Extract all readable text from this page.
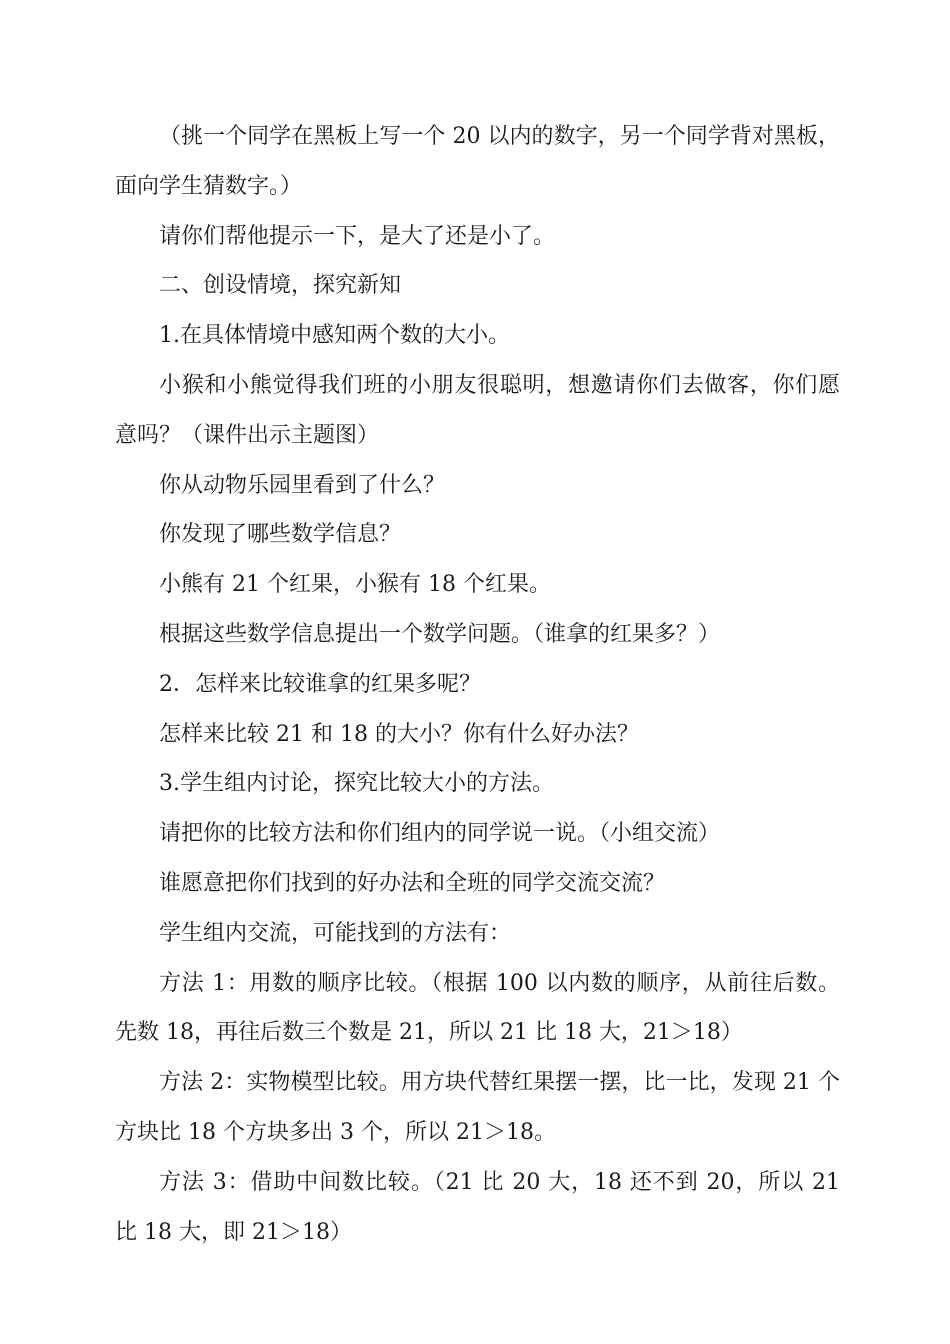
（挑一个同学在黑板上写一个 20 以内的数字，另一个同学背对黑板，面向学生猜数字。）

请你们帮他提示一下，是大了还是小了。

二、创设情境，探究新知

1.在具体情境中感知两个数的大小。

小猴和小熊觉得我们班的小朋友很聪明，想邀请你们去做客，你们愿意吗？（课件出示主题图）

你从动物乐园里看到了什么？

你发现了哪些数学信息？

小熊有 21 个红果，小猴有 18 个红果。

根据这些数学信息提出一个数学问题。（谁拿的红果多？）

2．怎样来比较谁拿的红果多呢？

怎样来比较 21 和 18 的大小？你有什么好办法？

3.学生组内讨论，探究比较大小的方法。

请把你的比较方法和你们组内的同学说一说。（小组交流）

谁愿意把你们找到的好办法和全班的同学交流交流？

学生组内交流，可能找到的方法有：

方法 1：用数的顺序比较。（根据 100 以内数的顺序，从前往后数。先数 18，再往后数三个数是 21，所以 21 比 18 大，21＞18）

方法 2：实物模型比较。用方块代替红果摆一摆，比一比，发现 21 个方块比 18 个方块多出 3 个，所以 21＞18。

方法 3：借助中间数比较。（21 比 20 大，18 还不到 20，所以 21 比 18 大，即 21＞18）
